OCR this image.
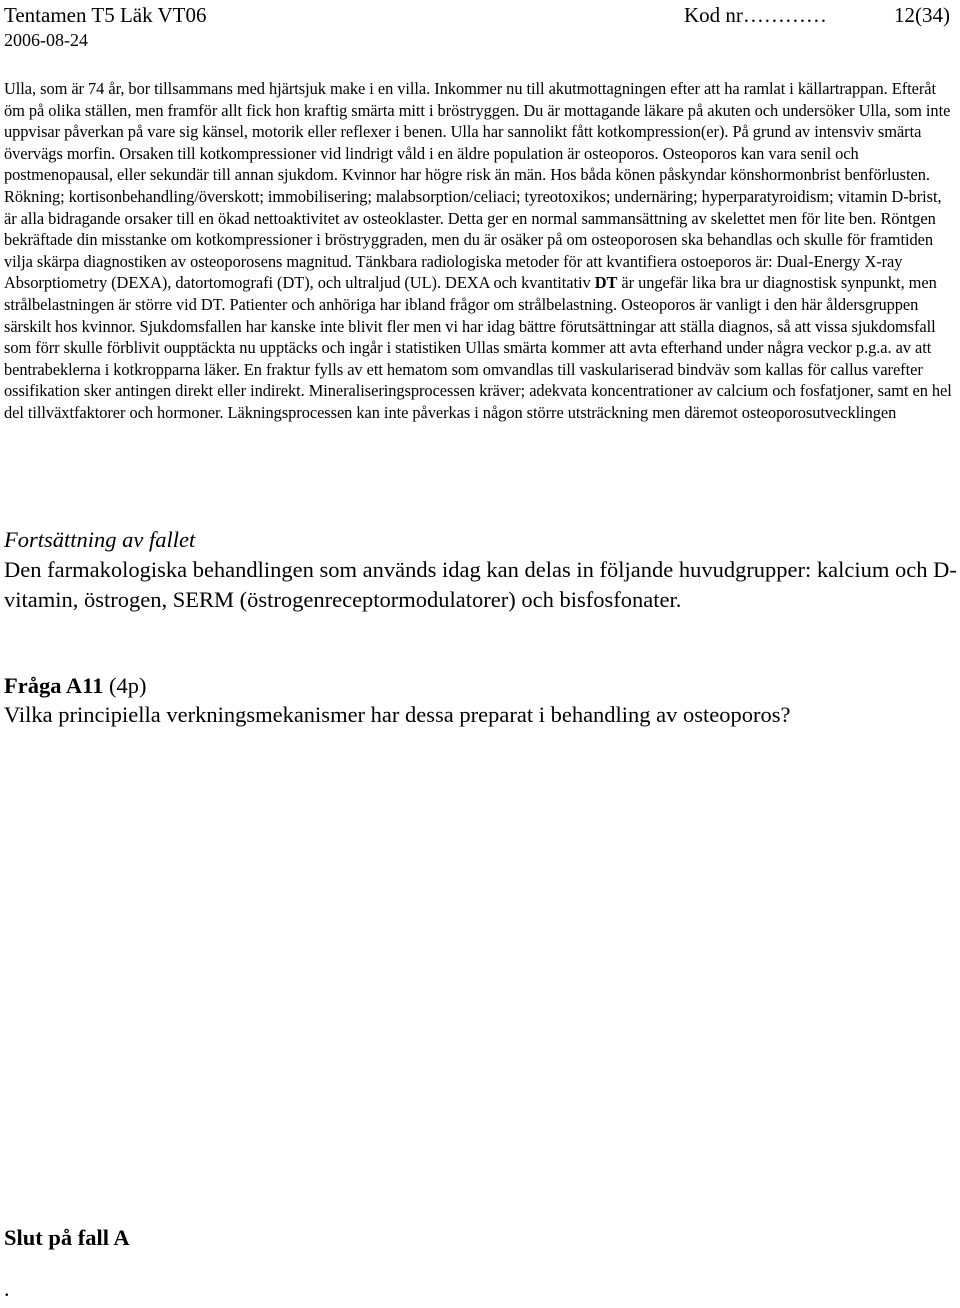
Tentamen T5 Läk VT06	Kod nr…………	12(34)
2006-08-24
Ulla, som är 74 år, bor tillsammans med hjärtsjuk make i en villa. Inkommer nu till akutmottagningen efter att ha ramlat i källartrappan. Efteråt öm på olika ställen, men framför allt fick hon kraftig smärta mitt i bröstryggen. Du är mottagande läkare på akuten och undersöker Ulla, som inte uppvisar påverkan på vare sig känsel, motorik eller reflexer i benen. Ulla har sannolikt fått kotkompression(er). På grund av intensviv smärta övervägs morfin. Orsaken till kotkompressioner vid lindrigt våld i en äldre population är osteoporos. Osteoporos kan vara senil och postmenopausal, eller sekundär till annan sjukdom. Kvinnor har högre risk än män. Hos båda könen påskyndar könshormonbrist benförlusten. Rökning; kortisonbehandling/överskott; immobilisering; malabsorption/celiaci; tyreotoxikos; undernäring; hyperparatyroidism; vitamin D-brist, är alla bidragande orsaker till en ökad nettoaktivitet av osteoklaster. Detta ger en normal sammansättning av skelettet men för lite ben. Röntgen bekräftade din misstanke om kotkompressioner i bröstryggraden, men du är osäker på om osteoporosen ska behandlas och skulle för framtiden vilja skärpa diagnostiken av osteoporosens magnitud. Tänkbara radiologiska metoder för att kvantifiera ostoeporos är: Dual-Energy X-ray Absorptiometry (DEXA), datortomografi (DT), och ultraljud (UL). DEXA och kvantitativ DT är ungefär lika bra ur diagnostisk synpunkt, men strålbelastningen är större vid DT. Patienter och anhöriga har ibland frågor om strålbelastning. Osteoporos är vanligt i den här åldersgruppen särskilt hos kvinnor. Sjukdomsfallen har kanske inte blivit fler men vi har idag bättre förutsättningar att ställa diagnos, så att vissa sjukdomsfall som förr skulle förblivit oupptäckta nu upptäcks och ingår i statistiken Ullas smärta kommer att avta efterhand under några veckor p.g.a. av att bentrabeklerna i kotkropparna läker. En fraktur fylls av ett hematom som omvandlas till vaskulariserad bindväv som kallas för callus varefter ossifikation sker antingen direkt eller indirekt. Mineraliseringsprocessen kräver; adekvata koncentrationer av calcium och fosfatjoner, samt en hel del tillväxtfaktorer och hormoner. Läkningsprocessen kan inte påverkas i någon större utsträckning men däremot osteoporosutvecklingen
Fortsättning av fallet
Den farmakologiska behandlingen som används idag kan delas in följande huvudgrupper: kalcium och D-vitamin, östrogen, SERM (östrogenreceptormodulatorer) och bisfosfonater.
Fråga A11 (4p)
Vilka principiella verkningsmekanismer har dessa preparat i behandling av osteoporos?
Slut på fall A
.
